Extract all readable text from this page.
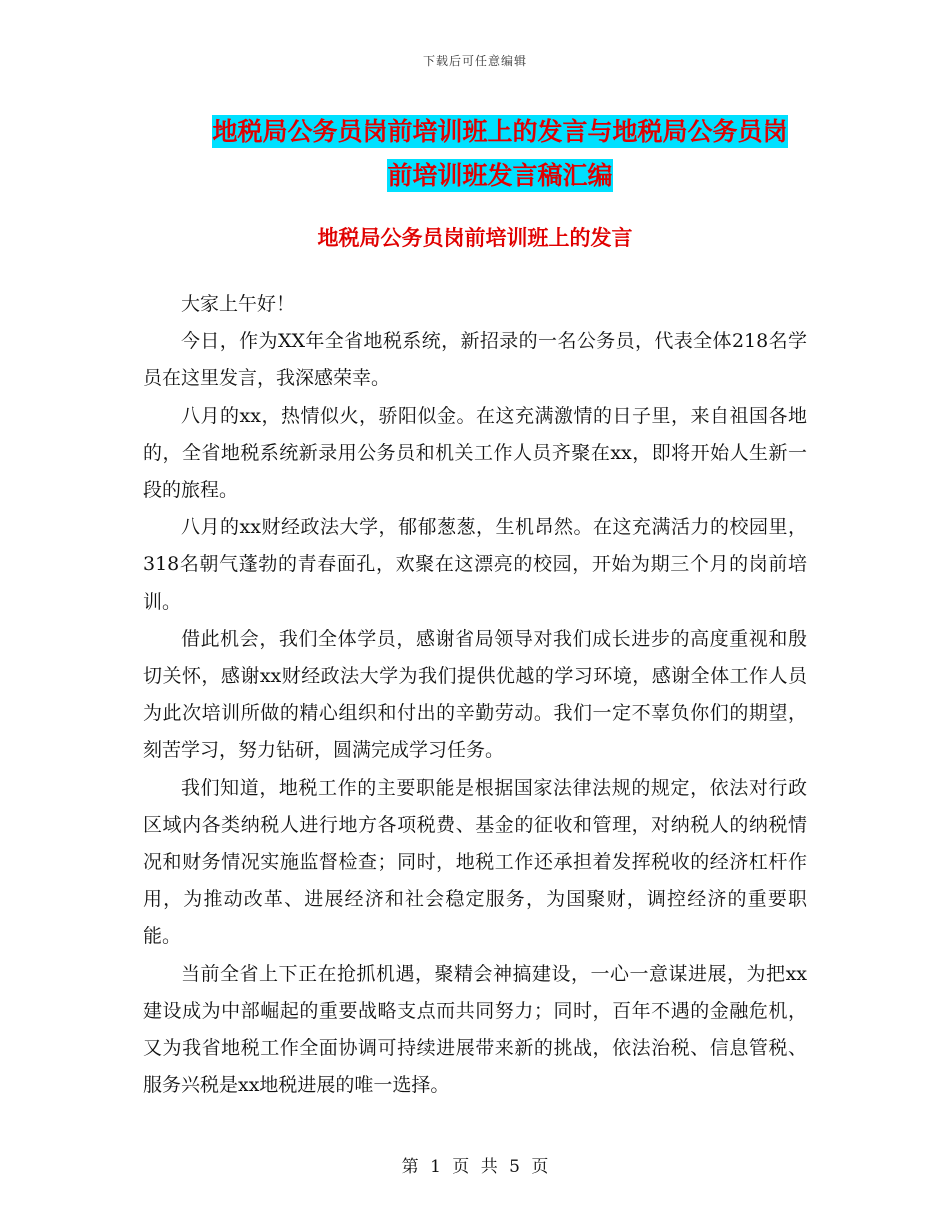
下载后可任意编辑
地税局公务员岗前培训班上的发言与地税局公务员岗
前培训班发言稿汇编
地税局公务员岗前培训班上的发言

大家上午好！

今日，作为XX年全省地税系统，新招录的一名公务员，代表全体218名学员在这里发言，我深感荣幸。

八月的xx，热情似火，骄阳似金。在这充满激情的日子里，来自祖国各地的，全省地税系统新录用公务员和机关工作人员齐聚在xx，即将开始人生新一段的旅程。

八月的xx财经政法大学，郁郁葱葱，生机昂然。在这充满活力的校园里，318名朝气蓬勃的青春面孔，欢聚在这漂亮的校园，开始为期三个月的岗前培训。

借此机会，我们全体学员，感谢省局领导对我们成长进步的高度重视和殷切关怀，感谢xx财经政法大学为我们提供优越的学习环境，感谢全体工作人员为此次培训所做的精心组织和付出的辛勤劳动。我们一定不辜负你们的期望，刻苦学习，努力钻研，圆满完成学习任务。

我们知道，地税工作的主要职能是根据国家法律法规的规定，依法对行政区域内各类纳税人进行地方各项税费、基金的征收和管理，对纳税人的纳税情况和财务情况实施监督检查；同时，地税工作还承担着发挥税收的经济杠杆作用，为推动改革、进展经济和社会稳定服务，为国聚财，调控经济的重要职能。

当前全省上下正在抢抓机遇，聚精会神搞建设，一心一意谋进展，为把xx建设成为中部崛起的重要战略支点而共同努力；同时，百年不遇的金融危机，又为我省地税工作全面协调可持续进展带来新的挑战，依法治税、信息管税、服务兴税是xx地税进展的唯一选择。

第 1 页 共 5 页
